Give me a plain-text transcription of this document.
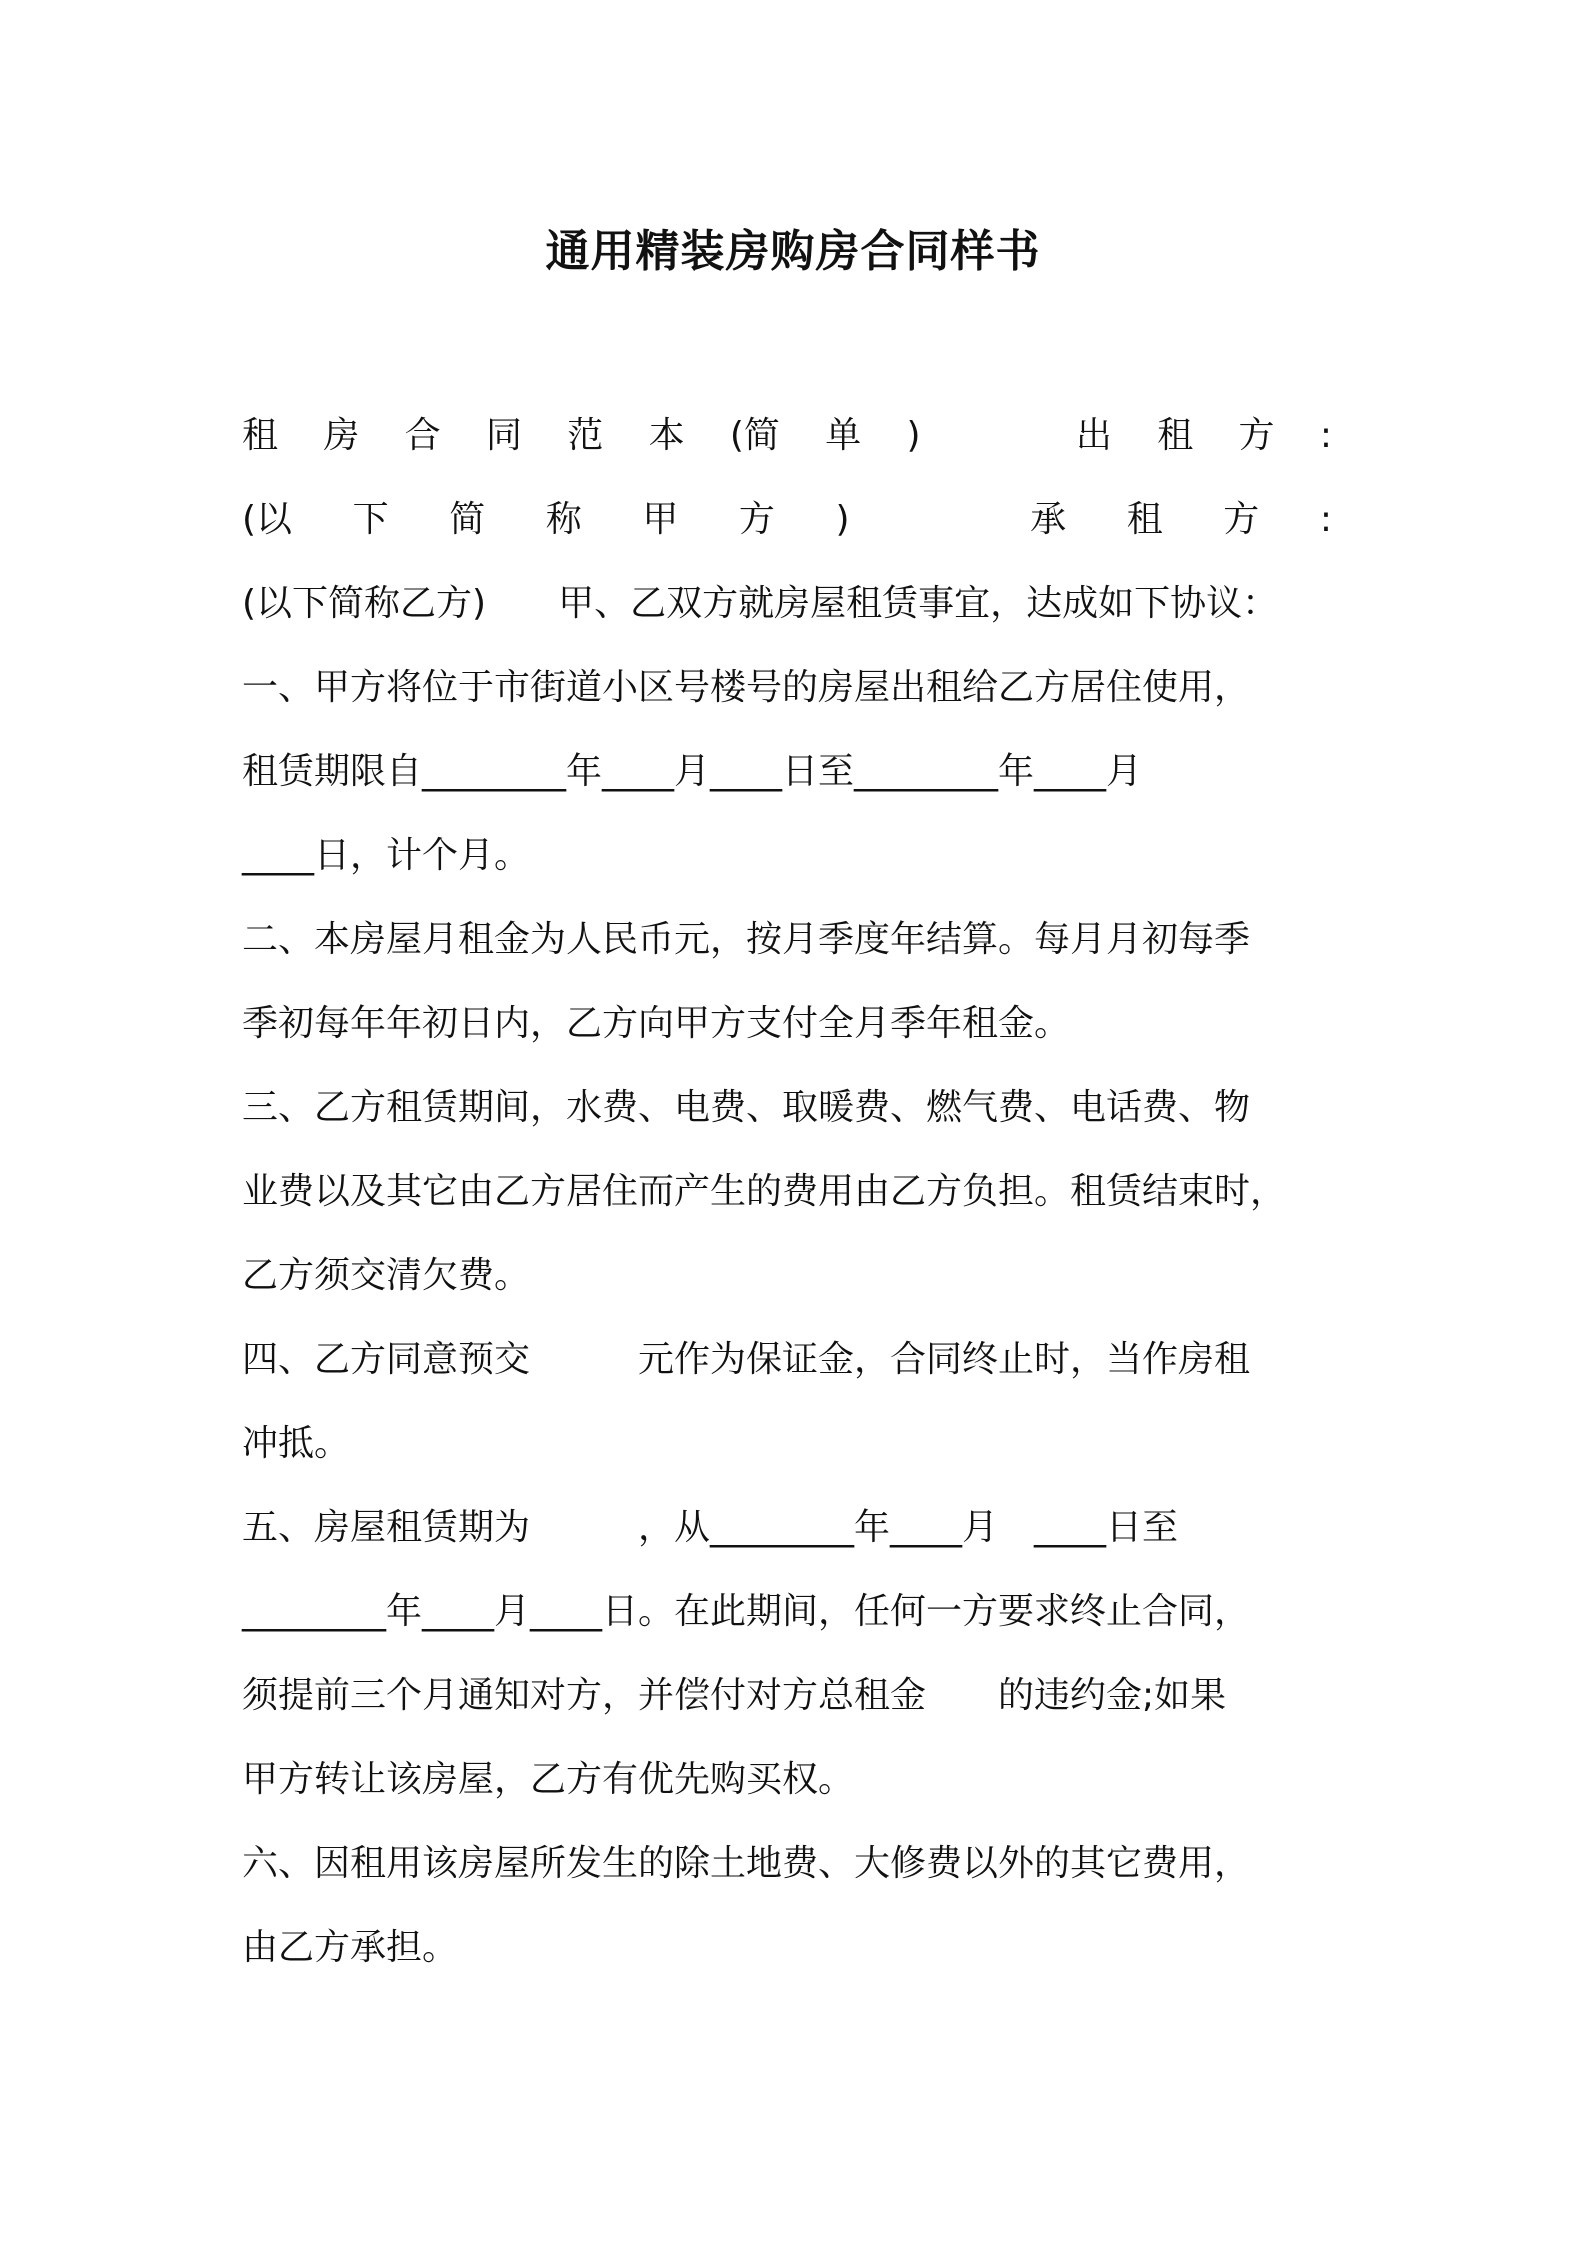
通用精装房购房合同样书
租 房 合 同 范 本 (简 单 )	出 租 方 :
(以 下 简 称 甲 方 )	承 租 方 :
(以下简称乙方)　　甲、乙双方就房屋租赁事宜，达成如下协议：
一、甲方将位于市街道小区号楼号的房屋出租给乙方居住使用，
租赁期限自________年____月____日至________年____月
____日，计个月。
二、本房屋月租金为人民币元，按月季度年结算。每月月初每季
季初每年年初日内，乙方向甲方支付全月季年租金。
三、乙方租赁期间，水费、电费、取暖费、燃气费、电话费、物
业费以及其它由乙方居住而产生的费用由乙方负担。租赁结束时，
乙方须交清欠费。
四、乙方同意预交　　　元作为保证金，合同终止时，当作房租
冲抵。
五、房屋租赁期为　　　，从________年____月　____日至
________年____月____日。在此期间，任何一方要求终止合同，
须提前三个月通知对方，并偿付对方总租金　　的违约金;如果
甲方转让该房屋，乙方有优先购买权。
六、因租用该房屋所发生的除土地费、大修费以外的其它费用，
由乙方承担。
